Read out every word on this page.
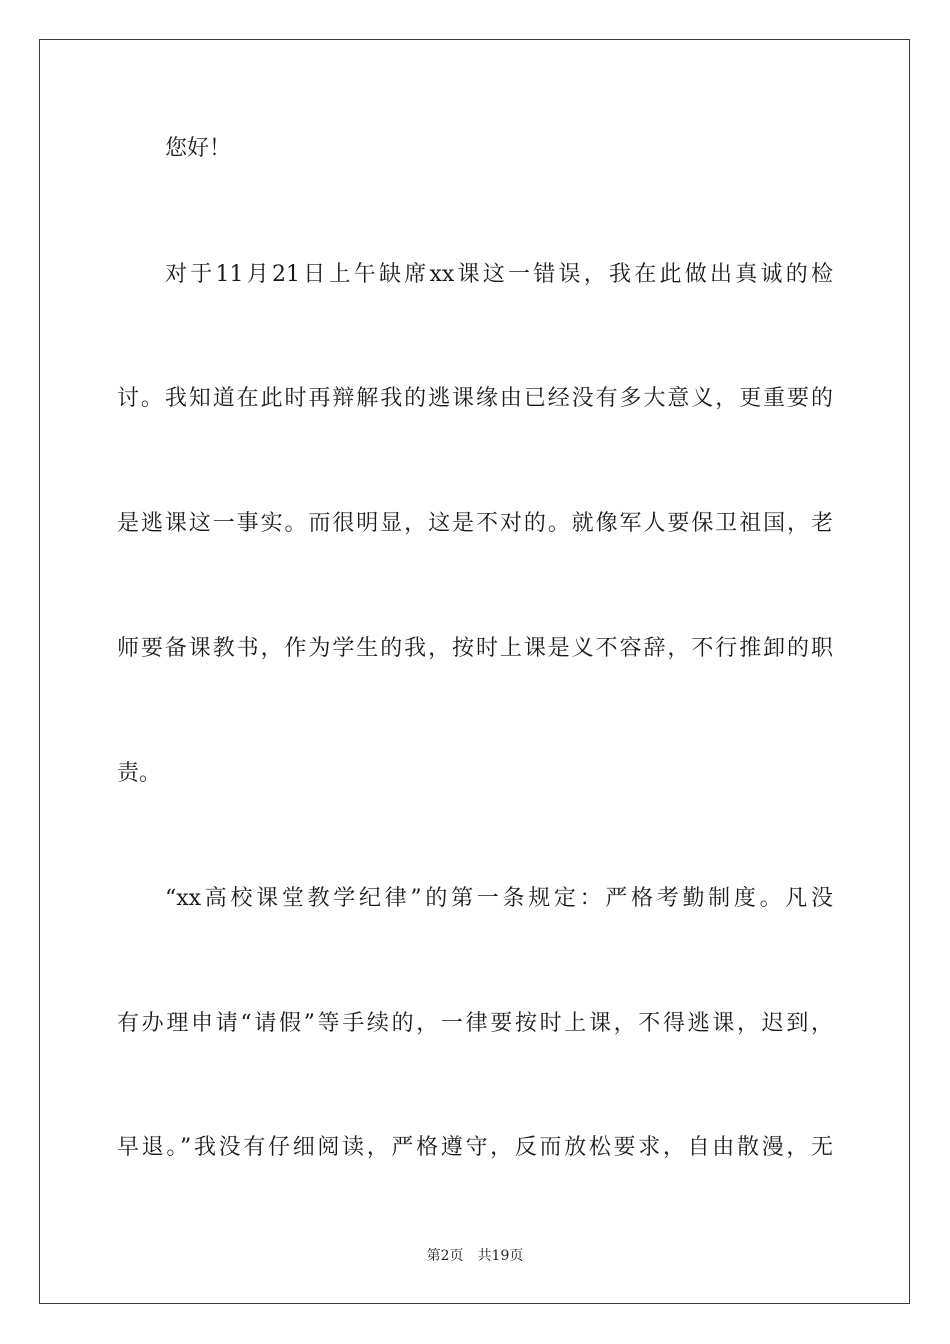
您好！
对于11月21日上午缺席xx课这一错误，我在此做出真诚的检
讨。我知道在此时再辩解我的逃课缘由已经没有多大意义，更重要的
是逃课这一事实。而很明显，这是不对的。就像军人要保卫祖国，老
师要备课教书，作为学生的我，按时上课是义不容辞，不行推卸的职
责。
“xx高校课堂教学纪律”的第一条规定：严格考勤制度。凡没
有办理申请“请假”等手续的，一律要按时上课，不得逃课，迟到，
早退。”我没有仔细阅读，严格遵守，反而放松要求，自由散漫，无
第2页 共19页
